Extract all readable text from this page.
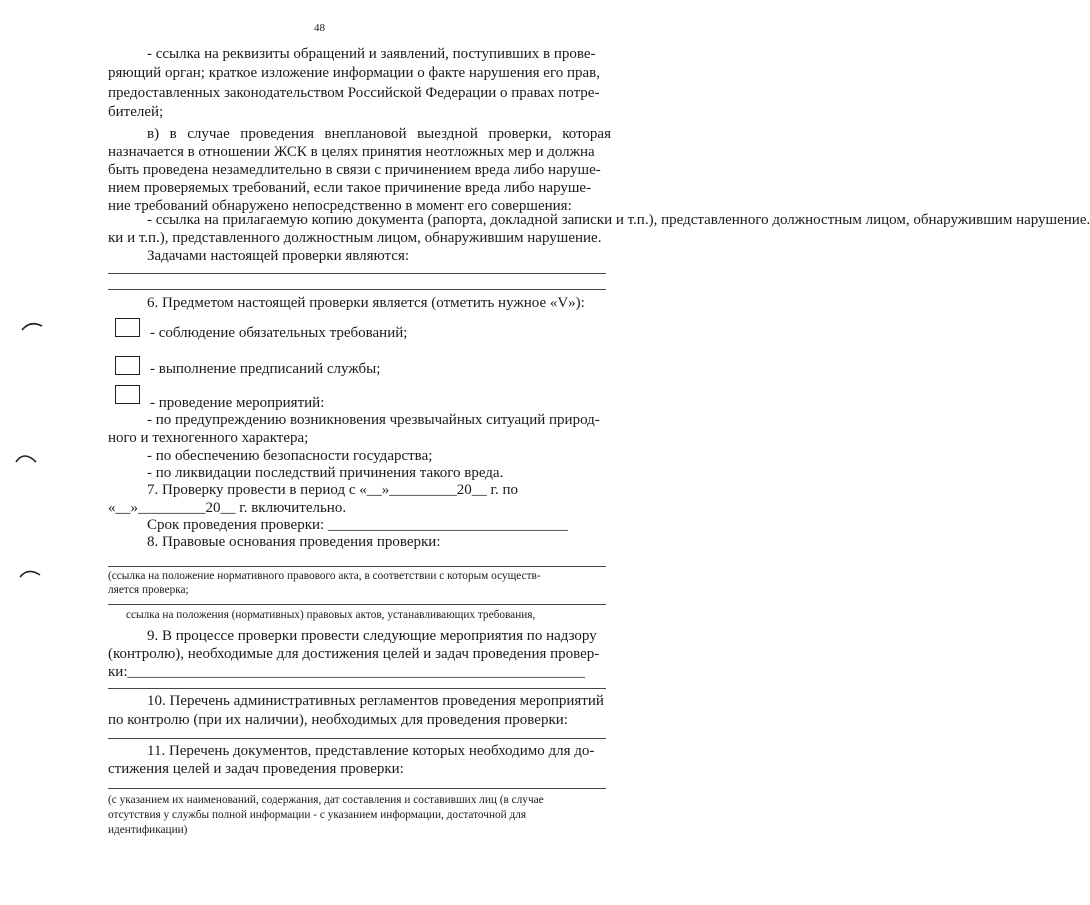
48
- ссылка на реквизиты обращений и заявлений, поступивших в прове-
ряющий орган; краткое изложение информации о факте нарушения его прав,
предоставленных законодательством Российской Федерации о правах потре-
бителей;
в) в случае проведения внеплановой выездной проверки, которая
назначается в отношении ЖСК в целях принятия неотложных мер и должна
быть проведена незамедлительно в связи с причинением вреда либо наруше-
нием проверяемых требований, если такое причинение вреда либо наруше-
ние требований обнаружено непосредственно в момент его совершения:
- ссылка на прилагаемую копию документа (рапорта, докладной записки и т.п.), представленного должностным лицом, обнаружившим нарушение.
ки и т.п.), представленного должностным лицом, обнаружившим нарушение.
Задачами настоящей проверки являются:
6. Предметом настоящей проверки является (отметить нужное «V»):
- соблюдение обязательных требований;
- выполнение предписаний службы;
- проведение мероприятий:
- по предупреждению возникновения чрезвычайных ситуаций природ-
ного и техногенного характера;
- по обеспечению безопасности государства;
- по ликвидации последствий причинения такого вреда.
7. Проверку провести в период с «__»_________20__ г. по
«__»_________20__ г. включительно.
Срок проведения проверки: ________________________________
8. Правовые основания проведения проверки:
(ссылка на положение нормативного правового акта, в соответствии с которым осуществ-
ляется проверка;
ссылка на положения (нормативных) правовых актов, устанавливающих требования,
9. В процессе проверки провести следующие мероприятия по надзору
(контролю), необходимые для достижения целей и задач проведения провер-
ки:_____________________________________________________________
10. Перечень административных регламентов проведения мероприятий
по контролю (при их наличии), необходимых для проведения проверки:
11. Перечень документов, представление которых необходимо для до-
стижения целей и задач проведения проверки:
(с указанием их наименований, содержания, дат составления и составивших лиц (в случае
отсутствия у службы полной информации - с указанием информации, достаточной для
идентификации)
